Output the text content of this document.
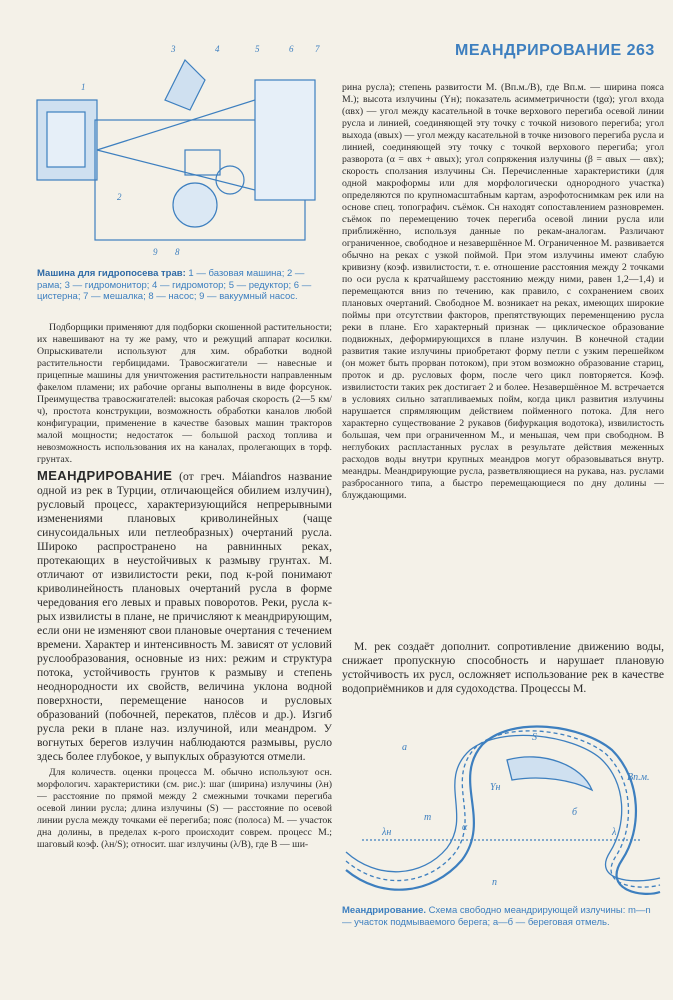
МЕАНДРИРОВАНИЕ 263
1
2
3	4	5	6 7
8
9
Машина для гидропосева трав: 1 — базовая машина; 2 — рама; 3 — гидромонитор; 4 — гидромотор; 5 — редуктор; 6 — цистерна; 7 — мешалка; 8 — насос; 9 — вакуумный насос.

Подборщики применяют для подборки скошенной растительности; их навешивают на ту же раму, что и режущий аппарат косилки. Опрыскиватели используют для хим. обработки водной растительности гербицидами. Травосжигатели — навесные и прицепные машины для уничтожения растительности направленным факелом пламени; их рабочие органы выполнены в виде форсунок. Преимущества травосжигателей: высокая рабочая скорость (2—5 км/ч), простота конструкции, возможность обработки каналов любой конфигурации, применение в качестве базовых машин тракторов малой мощности; недостаток — большой расход топлива и невозможность использования их на каналах, пролегающих в торф. грунтах.

МЕАНДРИРОВАНИЕ (от греч. Máiandros название одной из рек в Турции, отличающейся обилием излучин), русловый процесс, характеризующийся непрерывными изменениями плановых криволинейных (чаще синусоидальных или петлеобразных) очертаний русла. Широко распространено на равнинных реках, протекающих в неустойчивых к размыву грунтах. М. отличают от извилистости реки, под к-рой понимают криволинейность плановых очертаний русла в форме чередования его левых и правых поворотов. Реки, русла к-рых извилисты в плане, не причисляют к меандрирующим, если они не изменяют свои плановые очертания с течением времени. Характер и интенсивность М. зависят от условий руслообразования, основные из них: режим и структура потока, устойчивость грунтов к размыву и степень неоднородности их свойств, величина уклона водной поверхности, перемещение наносов и русловых образований (побочней, перекатов, плёсов и др.). Изгиб русла реки в плане наз. излучиной, или меандром. У вогнутых берегов излучин наблюдаются размывы, русло здесь более глубокое, у выпуклых образуются отмели.

Для количеств. оценки процесса М. обычно используют осн. морфологич. характеристики (см. рис.): шаг (ширина) излучины (λн) — расстояние по прямой между 2 смежными точками перегиба осевой линии русла; длина излучины (S) — расстояние по осевой линии русла между точками её перегиба; пояс (полоса) М. — участок дна долины, в пределах к-рого происходит соврем. процесс М.; шаговый коэф. (λн/S); относит. шаг излучины (λ/B), где B — ши-

рина русла); степень развитости М. (Bп.м./B), где Bп.м. — ширина пояса М.); высота излучины (Yн); показатель асимметричности (tgα); угол входа (αвх) — угол между касательной в точке верхового перегиба осевой линии русла и линией, соединяющей эту точку с точкой низового перегиба; угол выхода (αвых) — угол между касательной в точке низового перегиба русла и линией, соединяющей эту точку с точкой верхового перегиба; угол разворота (α = αвх + αвых); угол сопряжения излучины (β = αвых — αвх); скорость сползания излучины Cн. Перечисленные характеристики (для одной макроформы или для морфологически однородного участка) определяются по крупномасштабным картам, аэрофотоснимкам рек или на основе спец. топографич. съёмок. Cн находят сопоставлением разновремен. съёмок по перемещению точек перегиба осевой линии русла или приближённо, используя данные по рекам-аналогам. Различают ограниченное, свободное и незавершённое М. Ограниченное М. развивается обычно на реках с узкой поймой. При этом излучины имеют слабую кривизну (коэф. извилистости, т. е. отношение расстояния между 2 точками по оси русла к кратчайшему расстоянию между ними, равен 1,2—1,4) и перемещаются вниз по течению, как правило, с сохранением своих плановых очертаний. Свободное М. возникает на реках, имеющих широкие поймы при отсутствии факторов, препятствующих переменщению русла реки в плане. Его характерный признак — циклическое образование подвижных, деформирующихся в плане излучин. В конечной стадии развития такие излучины приобретают форму петли с узким перешейком (он может быть прорван потоком), при этом возможно образование стариц, проток и др. русловых форм, после чего цикл повторяется. Коэф. извилистости таких рек достигает 2 и более. Незавершённое М. встречается в условиях сильно затапливаемых пойм, когда цикл развития излучины нарушается спрямляющим действием пойменного потока. Для него характерно существование 2 рукавов (бифуркация водотока), извилистость большая, чем при ограниченном М., и меньшая, чем при свободном. В неглубоких распластанных руслах в результате действия меженных расходов воды внутри крупных меандров могут образовываться внутр. меандры. Меандрирующие русла, разветвляющиеся на рукава, наз. руслами разбросанного типа, а быстро перемещающиеся по дну долины — блуждающими.

М. рек создаёт дополнит. сопротивление движению воды, снижает пропускную способность и нарушает плановую устойчивость их русл, осложняет использование рек в качестве водоприёмников и для судоходства. Процессы М.

m
n
a
б
S
Yн
λн	λ
α
Bп.м.
Меандрирование. Схема свободно меандрирующей излучины: m—n — участок подмываемого берега; a—б — береговая отмель.
